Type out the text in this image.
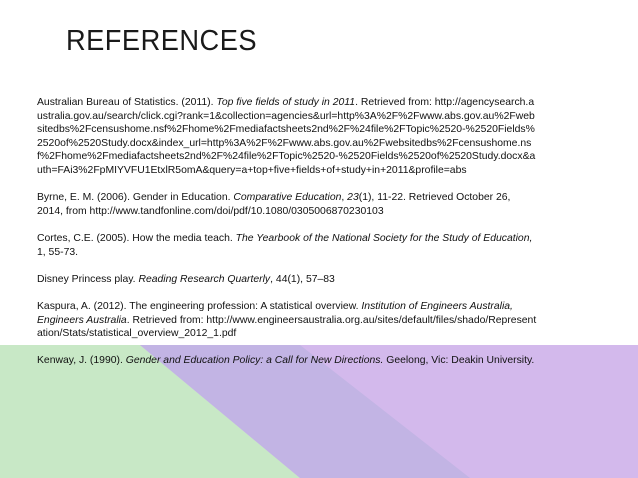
REFERENCES

Australian Bureau of Statistics. (2011). Top five fields of study in 2011. Retrieved from: http://agencysearch.australia.gov.au/search/click.cgi?rank=1&collection=agencies&url=http%3A%2F%2Fwww.abs.gov.au%2Fwebsitedbs%2Fcensushome.nsf%2Fhome%2Fmediafactsheets2nd%2F%24file%2FTopic%2520-%2520Fields%2520of%2520Study.docx&index_url=http%3A%2F%2Fwww.abs.gov.au%2Fwebsitedbs%2Fcensushome.nsf%2Fhome%2Fmediafactsheets2nd%2F%24file%2FTopic%2520-%2520Fields%2520of%2520Study.docx&auth=FAi3%2FpMIYVFU1EtxlR5omA&query=a+top+five+fields+of+study+in+2011&profile=abs

Byrne, E. M. (2006). Gender in Education. Comparative Education, 23(1), 11-22. Retrieved October 26, 2014, from http://www.tandfonline.com/doi/pdf/10.1080/0305006870230103

Cortes, C.E. (2005). How the media teach. The Yearbook of the National Society for the Study of Education, 1, 55-73.

Disney Princess play. Reading Research Quarterly, 44(1), 57–83

Kaspura, A. (2012). The engineering profession: A statistical overview. Institution of Engineers Australia, Engineers Australia. Retrieved from: http://www.engineersaustralia.org.au/sites/default/files/shado/Representation/Stats/statistical_overview_2012_1.pdf

Kenway, J. (1990). Gender and Education Policy: a Call for New Directions. Geelong, Vic: Deakin University.
